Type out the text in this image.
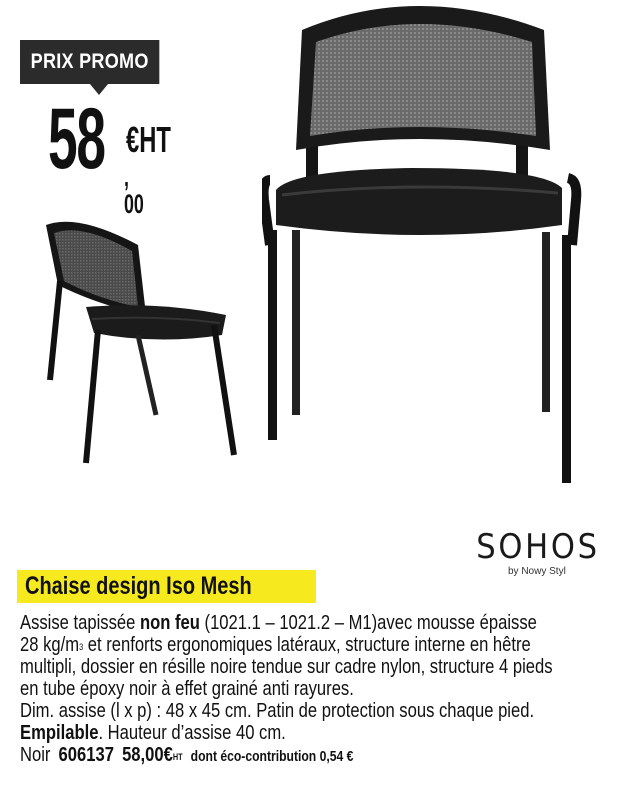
PRIX PROMO
58 €HT
, 00
SOHOS
by Nowy Styl
Chaise design Iso Mesh

Assise tapissée non feu (1021.1 – 1021.2 – M1)avec mousse épaisse

28 $kg/m^3$ et renforts ergonomiques latéraux, structure interne en hêtre

multipli, dossier en résille noire tendue sur cadre nylon, structure 4 pieds

en tube époxy noir à effet grainé anti rayures.

Dim. assise (l x p) : 48 x 45 cm. Patin de protection sous chaque pied.

Empilable. Hauteur d’assise 40 cm.

Noir 606137 58,00€$^{HT}$ dont éco-contribution 0,54 €
